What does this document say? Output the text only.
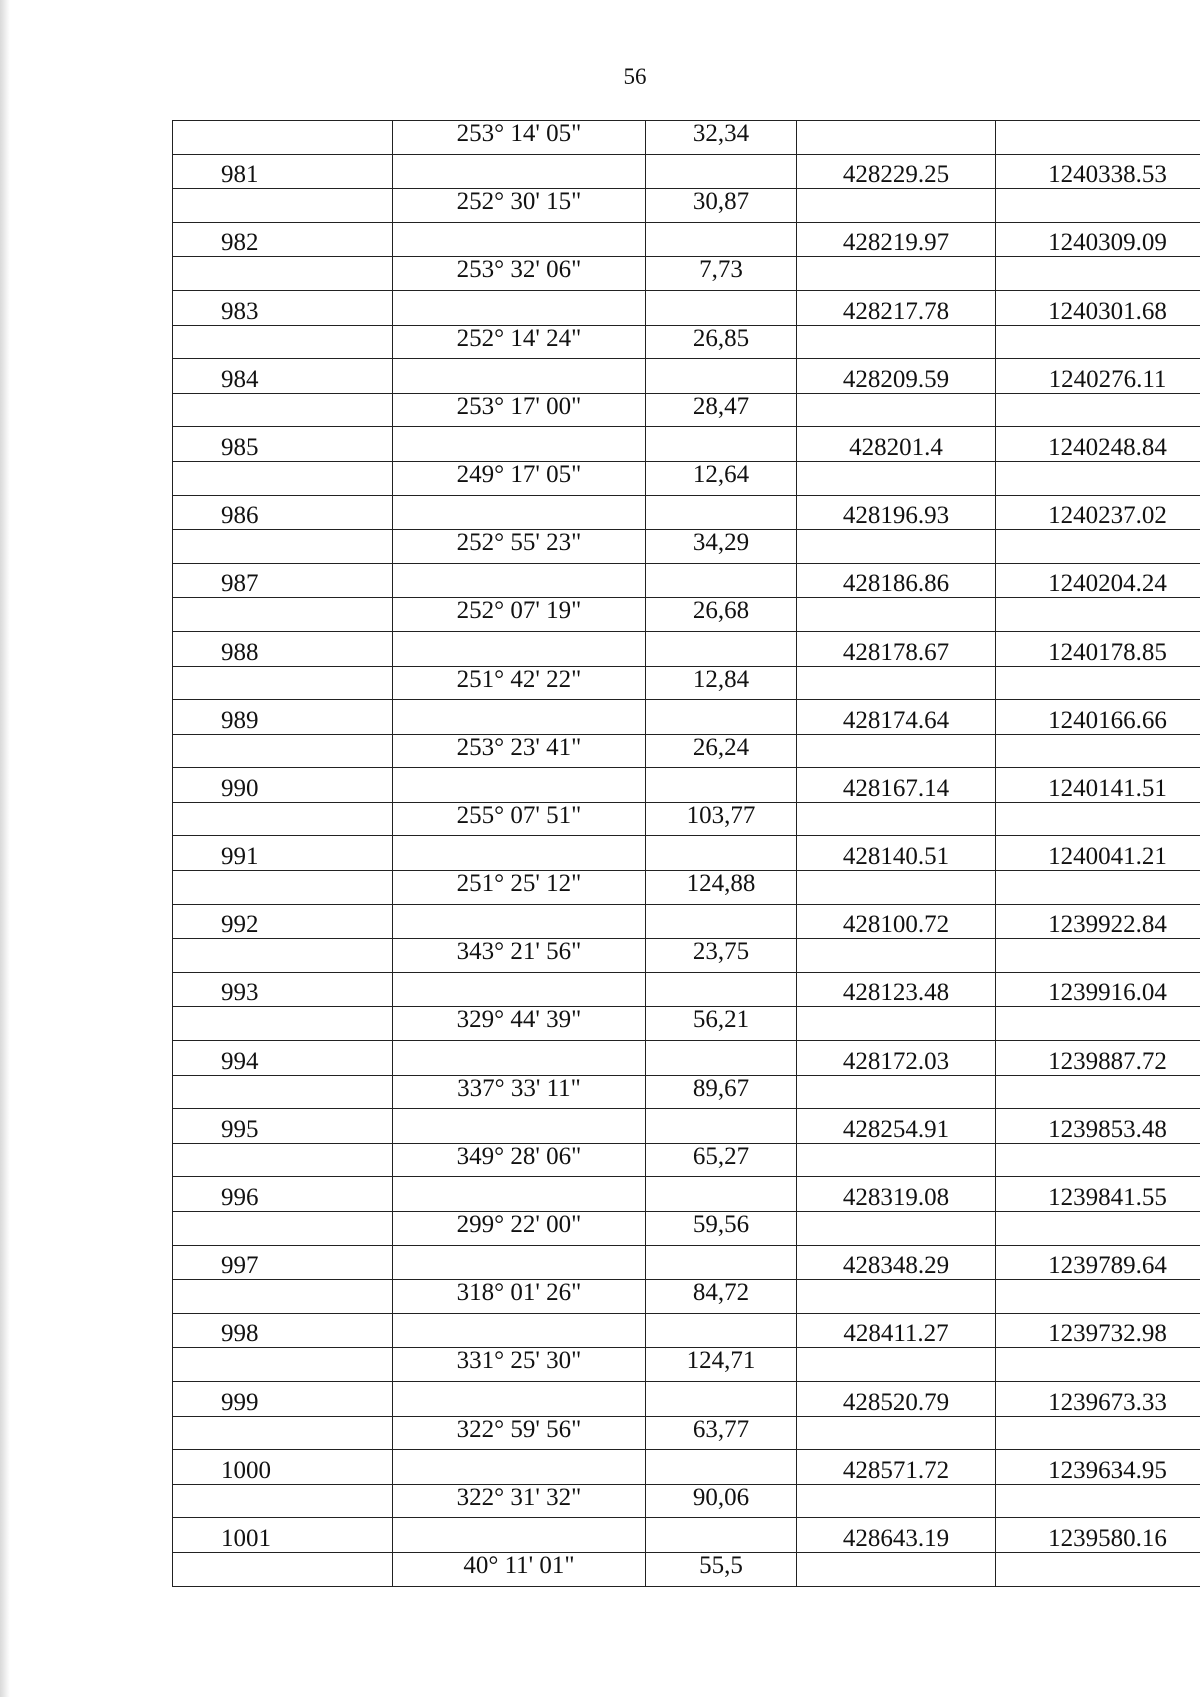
56
	253° 14' 05"	32,34		
981			428229.25	1240338.53
	252° 30' 15"	30,87		
982			428219.97	1240309.09
	253° 32' 06"	7,73		
983			428217.78	1240301.68
	252° 14' 24"	26,85		
984			428209.59	1240276.11
	253° 17' 00"	28,47		
985			428201.4	1240248.84
	249° 17' 05"	12,64		
986			428196.93	1240237.02
	252° 55' 23"	34,29		
987			428186.86	1240204.24
	252° 07' 19"	26,68		
988			428178.67	1240178.85
	251° 42' 22"	12,84		
989			428174.64	1240166.66
	253° 23' 41"	26,24		
990			428167.14	1240141.51
	255° 07' 51"	103,77		
991			428140.51	1240041.21
	251° 25' 12"	124,88		
992			428100.72	1239922.84
	343° 21' 56"	23,75		
993			428123.48	1239916.04
	329° 44' 39"	56,21		
994			428172.03	1239887.72
	337° 33' 11"	89,67		
995			428254.91	1239853.48
	349° 28' 06"	65,27		
996			428319.08	1239841.55
	299° 22' 00"	59,56		
997			428348.29	1239789.64
	318° 01' 26"	84,72		
998			428411.27	1239732.98
	331° 25' 30"	124,71		
999			428520.79	1239673.33
	322° 59' 56"	63,77		
1000			428571.72	1239634.95
	322° 31' 32"	90,06		
1001			428643.19	1239580.16
	40° 11' 01"	55,5		
